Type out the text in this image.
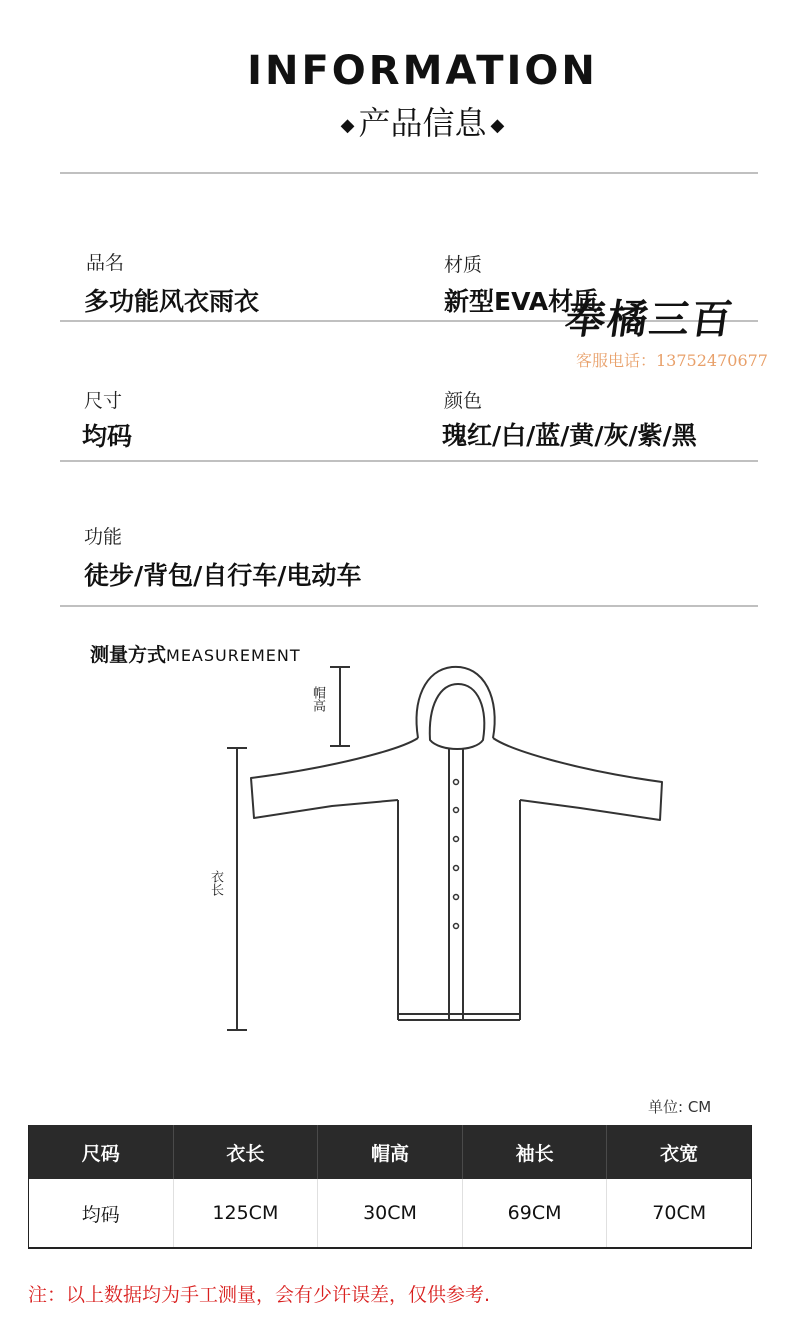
INFORMATION
◆ 产品信息 ◆
品名
多功能风衣雨衣
材质
新型EVA材质
奉橘三百
客服电话：13752470677
尺寸
均码
颜色
瑰红/白/蓝/黄/灰/紫/黑
功能
徒步/背包/自行车/电动车
测量方式MEASUREMENT
帽高
衣长
单位: CM
尺码	衣长	帽高	袖长	衣宽
均码	125CM	30CM	69CM	70CM
注：以上数据均为手工测量，会有少许误差，仅供参考.
